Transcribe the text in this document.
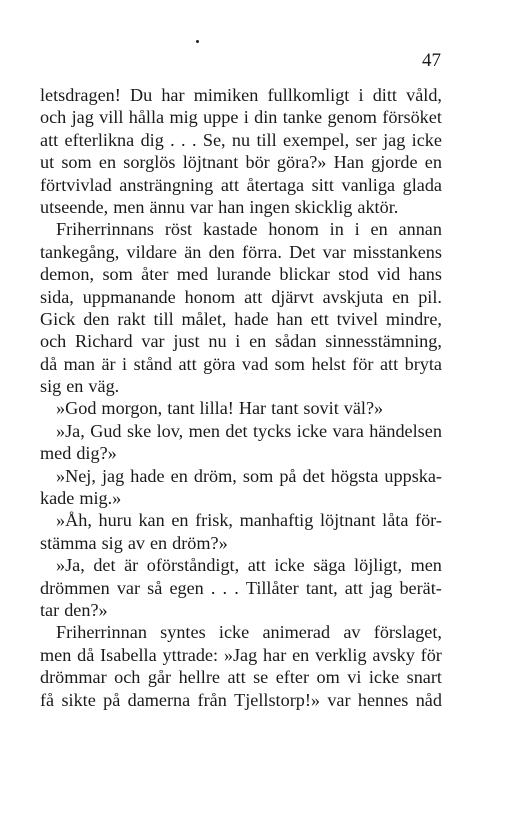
47
letsdragen! Du har mimiken fullkomligt i ditt våld,
och jag vill hålla mig uppe i din tanke genom försöket
att efterlikna dig . . . Se, nu till exempel, ser jag icke
ut som en sorglös löjtnant bör göra?» Han gjorde en
förtvivlad ansträngning att återtaga sitt vanliga glada
utseende, men ännu var han ingen skicklig aktör.
Friherrinnans röst kastade honom in i en annan
tankegång, vildare än den förra. Det var misstankens
demon, som åter med lurande blickar stod vid hans
sida, uppmanande honom att djärvt avskjuta en pil.
Gick den rakt till målet, hade han ett tvivel mindre,
och Richard var just nu i en sådan sinnesstämning,
då man är i stånd att göra vad som helst för att bryta
sig en väg.
»God morgon, tant lilla! Har tant sovit väl?»
»Ja, Gud ske lov, men det tycks icke vara händelsen
med dig?»
»Nej, jag hade en dröm, som på det högsta uppska-
kade mig.»
»Åh, huru kan en frisk, manhaftig löjtnant låta för-
stämma sig av en dröm?»
»Ja, det är oförståndigt, att icke säga löjligt, men
drömmen var så egen . . . Tillåter tant, att jag berät-
tar den?»
Friherrinnan syntes icke animerad av förslaget,
men då Isabella yttrade: »Jag har en verklig avsky för
drömmar och går hellre att se efter om vi icke snart
få sikte på damerna från Tjellstorp!» var hennes nåd
